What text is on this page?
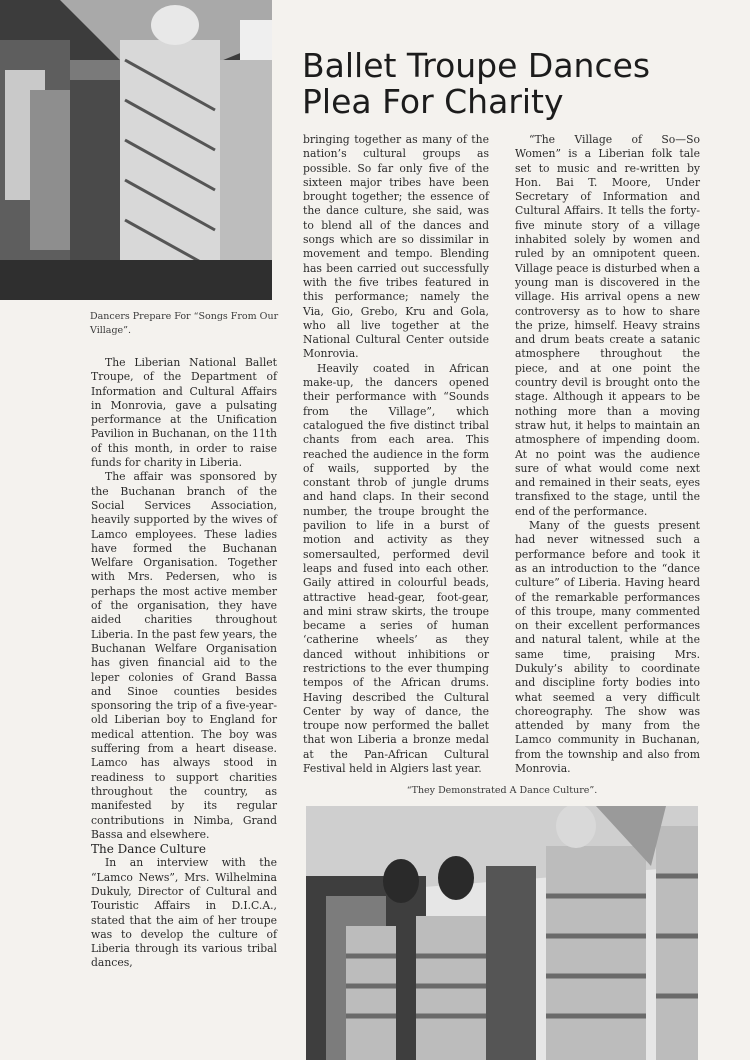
Ballet Troupe Dances Plea For Charity
Dancers Prepare For “Songs From Our Village”.

The Liberian National Ballet Troupe, of the Department of Information and Cultural Affairs in Monrovia, gave a pulsating performance at the Unification Pavilion in Buchanan, on the 11th of this month, in order to raise funds for charity in Liberia.

The affair was sponsored by the Buchanan branch of the Social Services Association, heavily supported by the wives of Lamco employees. These ladies have formed the Buchanan Welfare Organisation. Together with Mrs. Pedersen, who is perhaps the most active member of the organisation, they have aided charities throughout Liberia. In the past few years, the Buchanan Welfare Organisation has given financial aid to the leper colonies of Grand Bassa and Sinoe counties besides sponsoring the trip of a five-year-old Liberian boy to England for medical attention. The boy was suffering from a heart disease. Lamco has always stood in readiness to support charities throughout the country, as manifested by its regular contributions in Nimba, Grand Bassa and elsewhere.

The Dance Culture

In an interview with the “Lamco News”, Mrs. Wilhelmina Dukuly, Director of Cultural and Touristic Affairs in D.I.C.A., stated that the aim of her troupe was to develop the culture of Liberia through its various tribal dances,

bringing together as many of the nation’s cultural groups as possible. So far only five of the sixteen major tribes have been brought together; the essence of the dance culture, she said, was to blend all of the dances and songs which are so dissimilar in movement and tempo. Blending has been carried out successfully with the five tribes featured in this performance; namely the Via, Gio, Grebo, Kru and Gola, who all live together at the National Cultural Center outside Monrovia.

Heavily coated in African make-up, the dancers opened their performance with “Sounds from the Village”, which catalogued the five distinct tribal chants from each area. This reached the audience in the form of wails, supported by the constant throb of jungle drums and hand claps. In their second number, the troupe brought the pavilion to life in a burst of motion and activity as they somersaulted, performed devil leaps and fused into each other. Gaily attired in colourful beads, attractive head-gear, foot-gear, and mini straw skirts, the troupe became a series of human ‘catherine wheels’ as they danced without inhibitions or restrictions to the ever thumping tempos of the African drums. Having described the Cultural Center by way of dance, the troupe now performed the ballet that won Liberia a bronze medal at the Pan-African Cultural Festival held in Algiers last year.

“The Village of So—So Women” is a Liberian folk tale set to music and re-written by Hon. Bai T. Moore, Under Secretary of Information and Cultural Affairs. It tells the forty-five minute story of a village inhabited solely by women and ruled by an omnipotent queen. Village peace is disturbed when a young man is discovered in the village. His arrival opens a new controversy as to how to share the prize, himself. Heavy strains and drum beats create a satanic atmosphere throughout the piece, and at one point the country devil is brought onto the stage. Although it appears to be nothing more than a moving straw hut, it helps to maintain an atmosphere of impending doom. At no point was the audience sure of what would come next and remained in their seats, eyes transfixed to the stage, until the end of the performance.

Many of the guests present had never witnessed such a performance before and took it as an introduction to the “dance culture” of Liberia. Having heard of the remarkable performances of this troupe, many commented on their excellent performances and natural talent, while at the same time, praising Mrs. Dukuly’s ability to coordinate and discipline forty bodies into what seemed a very difficult choreography. The show was attended by many from the Lamco community in Buchanan, from the township and also from Monrovia.

“They Demonstrated A Dance Culture”.
